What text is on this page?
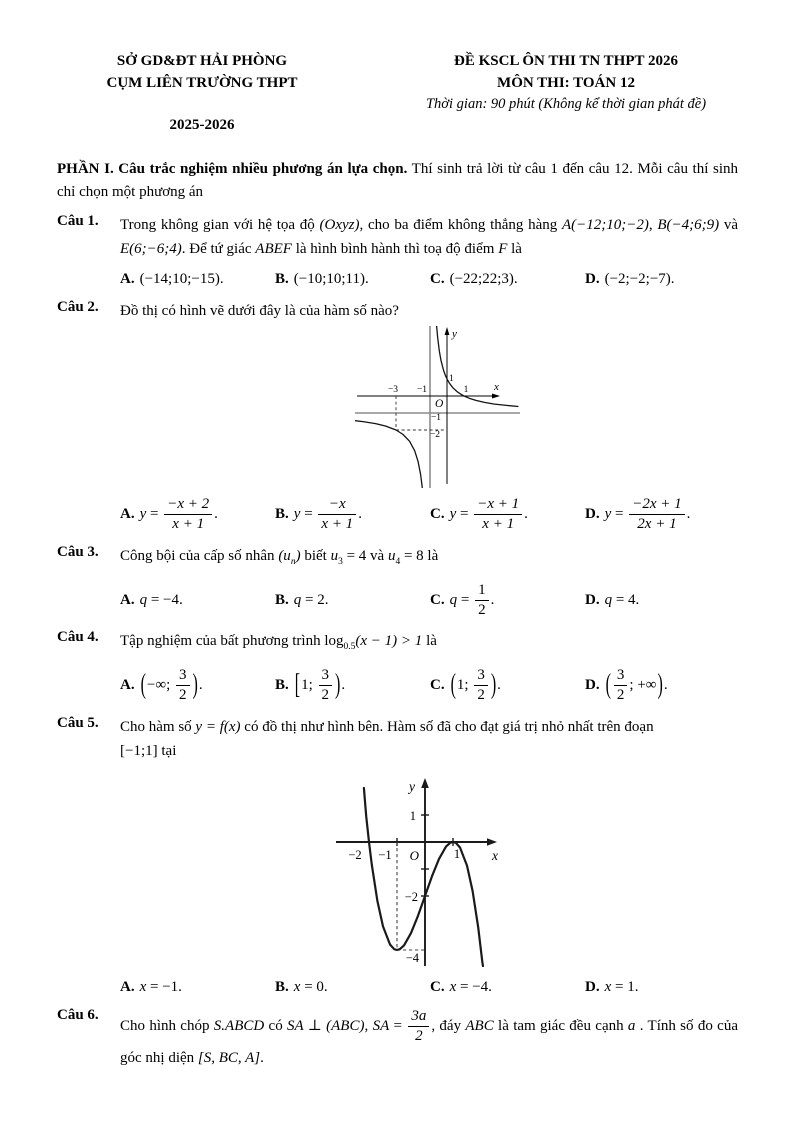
SỞ GD&ĐT HẢI PHÒNG
CỤM LIÊN TRƯỜNG THPT
2025-2026
ĐỀ KSCL ÔN THI TN THPT 2026
MÔN THI: TOÁN 12
Thời gian: 90 phút (Không kể thời gian phát đề)
PHẦN I. Câu trắc nghiệm nhiều phương án lựa chọn. Thí sinh trả lời từ câu 1 đến câu 12. Mỗi câu thí sinh chỉ chọn một phương án
Câu 1. Trong không gian với hệ tọa độ (Oxyz), cho ba điểm không thẳng hàng A(−12;10;−2), B(−4;6;9) và E(6;−6;4). Để tứ giác ABEF là hình bình hành thì toạ độ điểm F là
A. (−14;10;−15).	B. (−10;10;11).	C. (−22;22;3).	D. (−2;−2;−7).
Câu 2. Đồ thị có hình vẽ dưới đây là của hàm số nào?
y
x
O
−3 −1	1
1
−1
−2
A. $y = \frac{-x + 2}{x + 1}$ .	B. $y = \frac{-x}{x + 1}$ .	C. $y = \frac{-x + 1}{x + 1}$ .	D. $y = \frac{-2x + 1}{2x + 1}$ .
Câu 3. Công bội của cấp số nhân $(u_n)$ biết $u_3 = 4$ và $u_4 = 8$ là
A. q = −4.	B. q = 2.	C. $q = \frac{1}{2}$ .	D. q = 4.
Câu 4. Tập nghiệm của bất phương trình $\log_{0.5}(x - 1) > 1$ là
A. (−∞; $\frac{3}{2}$ ).	B. [1; $\frac{3}{2}$ ).	C. (1; $\frac{3}{2}$ ).	D. ( $\frac{3}{2}$ ; +∞).
Câu 5. Cho hàm số y = f(x) có đồ thị như hình bên. Hàm số đã cho đạt giá trị nhỏ nhất trên đoạn
[−1;1] tại
y
x
O
1
−2 −1	1
−2
−4
A. x = −1.	B. x = 0.	C. x = −4.	D. x = 1.
Câu 6.
Cho hình chóp S.ABCD có SA ⊥ (ABC), SA = $\frac{3a}{2}$ , đáy ABC là tam giác đều cạnh a . Tính số đo của góc nhị diện [S, BC, A].
